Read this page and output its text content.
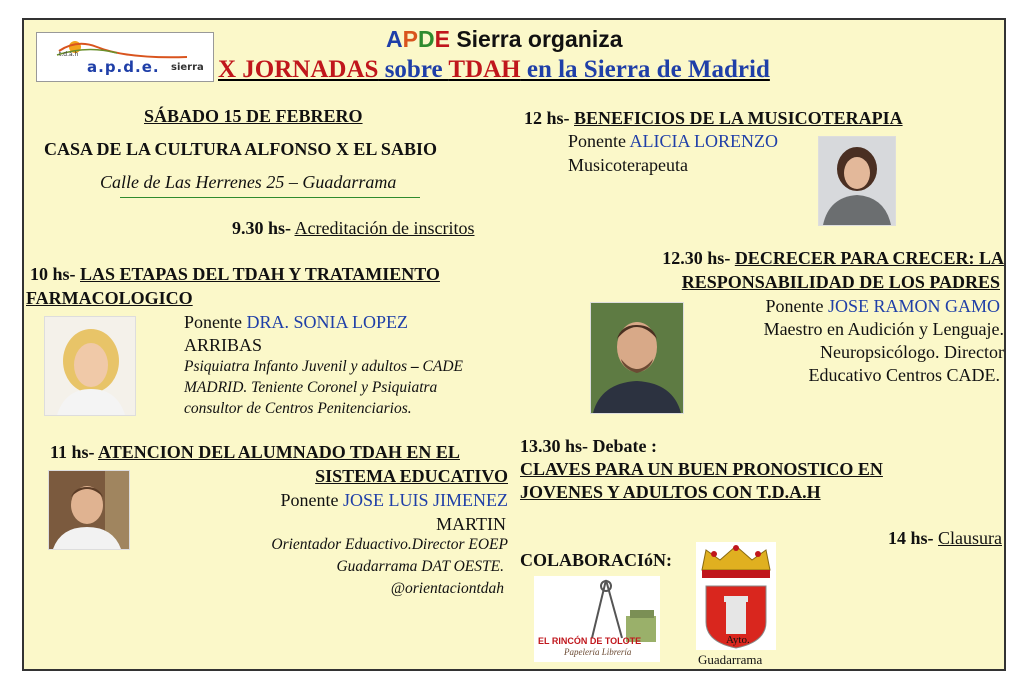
t.d.a.h
a.p.d.e. sierra
APDE Sierra organiza
X JORNADAS sobre TDAH en la Sierra de Madrid
SÁBADO 15 DE FEBRERO
CASA DE LA CULTURA ALFONSO X EL SABIO
Calle de Las Herrenes 25 – Guadarrama
9.30 hs- Acreditación de inscritos
10 hs- LAS ETAPAS DEL TDAH Y TRATAMIENTO
FARMACOLOGICO
Ponente DRA. SONIA LOPEZ
ARRIBAS
Psiquiatra Infanto Juvenil y adultos – CADE
MADRID. Teniente Coronel y Psiquiatra
consultor de Centros Penitenciarios.
11 hs- ATENCION DEL ALUMNADO TDAH EN EL
SISTEMA EDUCATIVO
Ponente JOSE LUIS JIMENEZ
MARTIN
Orientador Eduactivo.Director EOEP
Guadarrama DAT OESTE.
@orientaciontdah
12 hs- BENEFICIOS DE LA MUSICOTERAPIA
Ponente ALICIA LORENZO
Musicoterapeuta
12.30 hs- DECRECER PARA CRECER: LA
RESPONSABILIDAD DE LOS PADRES
Ponente JOSE RAMON GAMO
Maestro en Audición y Lenguaje.
Neuropsicólogo. Director
Educativo Centros CADE.
13.30 hs- Debate :
CLAVES PARA UN BUEN PRONOSTICO EN
JOVENES Y ADULTOS CON T.D.A.H
14 hs- Clausura
COLABORACIóN:
EL RINCÓN DE TOLOTE
Papelería Librería
Ayto.
Guadarrama
